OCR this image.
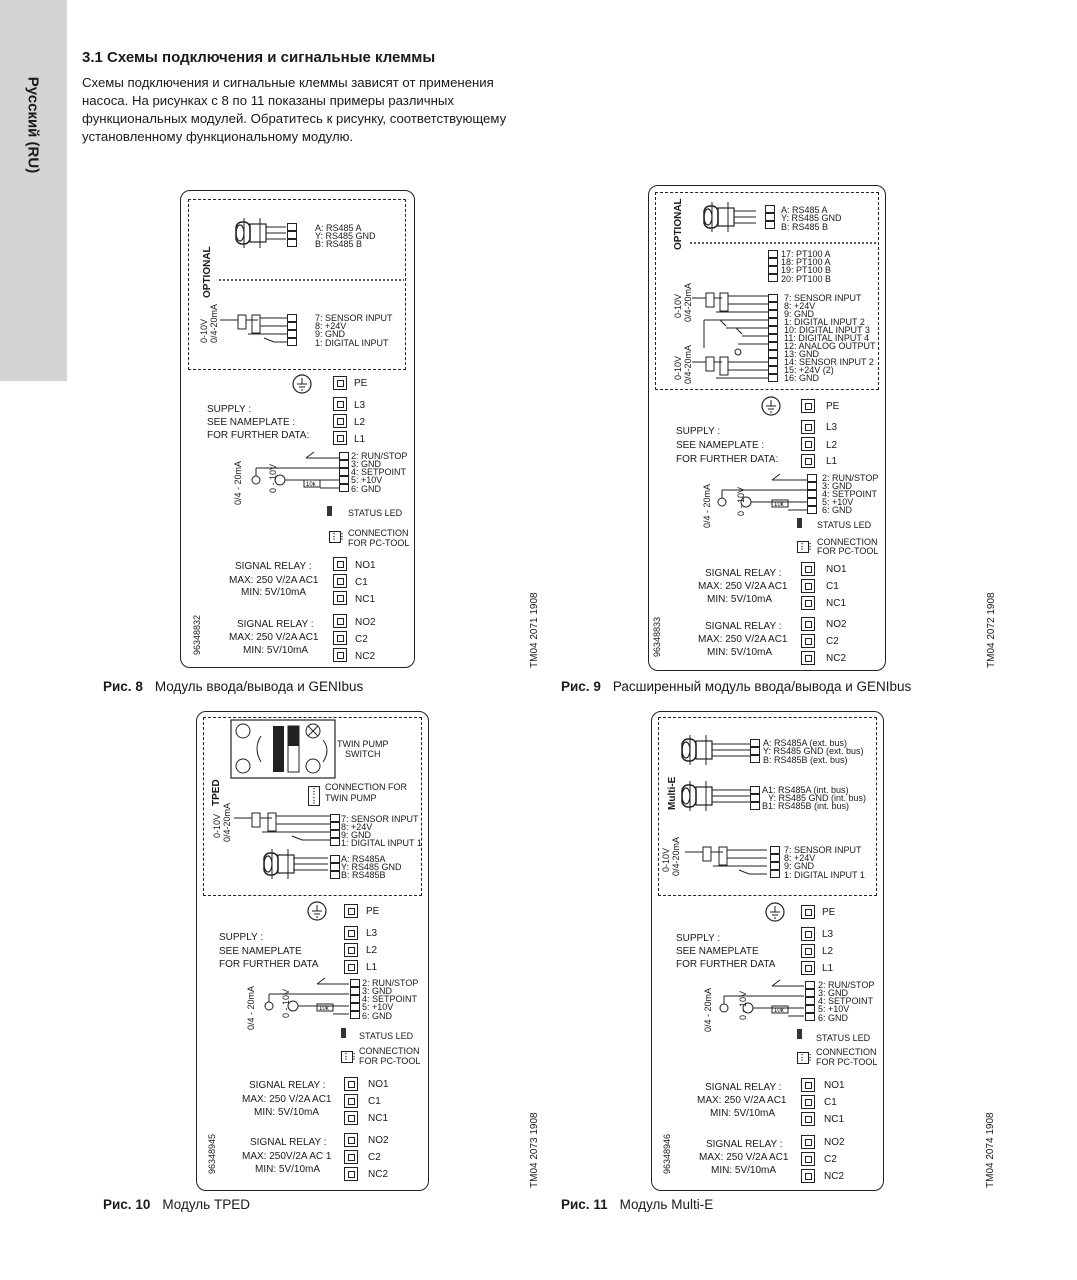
Русский (RU)
3.1 Схемы подключения и сигнальные клеммы
Схемы подключения и сигнальные клеммы зависят от применения насоса. На рисунках с 8 по 11 показаны примеры различных функциональных модулей. Обратитесь к рисунку, соответствующему установленному функциональному модулю.
OPTIONAL
A: RS485 A
Y: RS485 GND
B: RS485 B
0-10V 0/4-20mA	7: SENSOR INPUT
8: +24V
9: GND
1: DIGITAL INPUT
PE
SUPPLY :
SEE NAMEPLATE :
FOR FURTHER DATA:
L3
L2
L1
0/4 - 20mA	0 - 10V	10k
2: RUN/STOP
3: GND
4: SETPOINT
5: +10V
6: GND
STATUS LED
⋮⋮ CONNECTION
FOR PC-TOOL
SIGNAL RELAY :
MAX: 250 V/2A AC1
MIN: 5V/10mA
NO1
C1
NC1
SIGNAL RELAY :
MAX: 250 V/2A AC1
MIN: 5V/10mA
NO2
C2
NC2
96348832	TM04 2071 1908
Рис. 8 Модуль ввода/вывода и GENIbus
OPTIONAL	A: RS485 A
Y: RS485 GND
B: RS485 B
17: PT100 A
18: PT100 A
19: PT100 B
20: PT100 B
0-10V 0/4-20mA
0-10V 0/4-20mA
7: SENSOR INPUT
8: +24V
9: GND
1: DIGITAL INPUT 2
10: DIGITAL INPUT 3
11: DIGITAL INPUT 4
12: ANALOG OUTPUT
13: GND
14: SENSOR INPUT 2
15: +24V (2)
16: GND
PE
SUPPLY :
SEE NAMEPLATE :
FOR FURTHER DATA:
L3
L2
L1
0/4 - 20mA	0 - 10V	10k
2: RUN/STOP
3: GND
4: SETPOINT
5: +10V
6: GND
STATUS LED
⋮⋮ CONNECTION
FOR PC-TOOL
SIGNAL RELAY :
MAX: 250 V/2A AC1
MIN: 5V/10mA
NO1
C1
NC1
SIGNAL RELAY :
MAX: 250 V/2A AC1
MIN: 5V/10mA
NO2
C2
NC2
96348833	TM04 2072 1908
Рис. 9 Расширенный модуль ввода/вывода и GENIbus
TPED
TWIN PUMP
SWITCH
⋮
⋮
CONNECTION FOR
TWIN PUMP
0-10V 0/4-20mA	7: SENSOR INPUT
8: +24V
9: GND
1: DIGITAL INPUT 1
A: RS485A
Y: RS485 GND
B: RS485B
PE
SUPPLY :
SEE NAMEPLATE
FOR FURTHER DATA
L3
L2
L1
0/4 - 20mA	0 - 10V	10k
2: RUN/STOP
3: GND
4: SETPOINT
5: +10V
6: GND
STATUS LED
⋮⋮
CONNECTION
FOR PC-TOOL
SIGNAL RELAY :
MAX: 250 V/2A AC1
MIN: 5V/10mA
NO1
C1
NC1
SIGNAL RELAY :
MAX: 250V/2A AC 1
MIN: 5V/10mA
NO2
C2
NC2
96348945	TM04 2073 1908
Рис. 10 Модуль TPED
Multi-E
A: RS485A (ext. bus)
Y: RS485 GND (ext. bus)
B: RS485B (ext. bus)
A1: RS485A (int. bus)
Y: RS485 GND (int. bus)
B1: RS485B (int. bus)
0-10V 0/4-20mA	7: SENSOR INPUT
8: +24V
9: GND
1: DIGITAL INPUT 1
PE
SUPPLY :
SEE NAMEPLATE
FOR FURTHER DATA
L3
L2
L1
0/4 - 20mA	0 - 10V	10k
2: RUN/STOP
3: GND
4: SETPOINT
5: +10V
6: GND
STATUS LED
⋮⋮
CONNECTION
FOR PC-TOOL
SIGNAL RELAY :
MAX: 250 V/2A AC1
MIN: 5V/10mA
NO1
C1
NC1
SIGNAL RELAY :
MAX: 250 V/2A AC1
MIN: 5V/10mA
NO2
C2
NC2
96348946	TM04 2074 1908
Рис. 11 Модуль Multi-E
